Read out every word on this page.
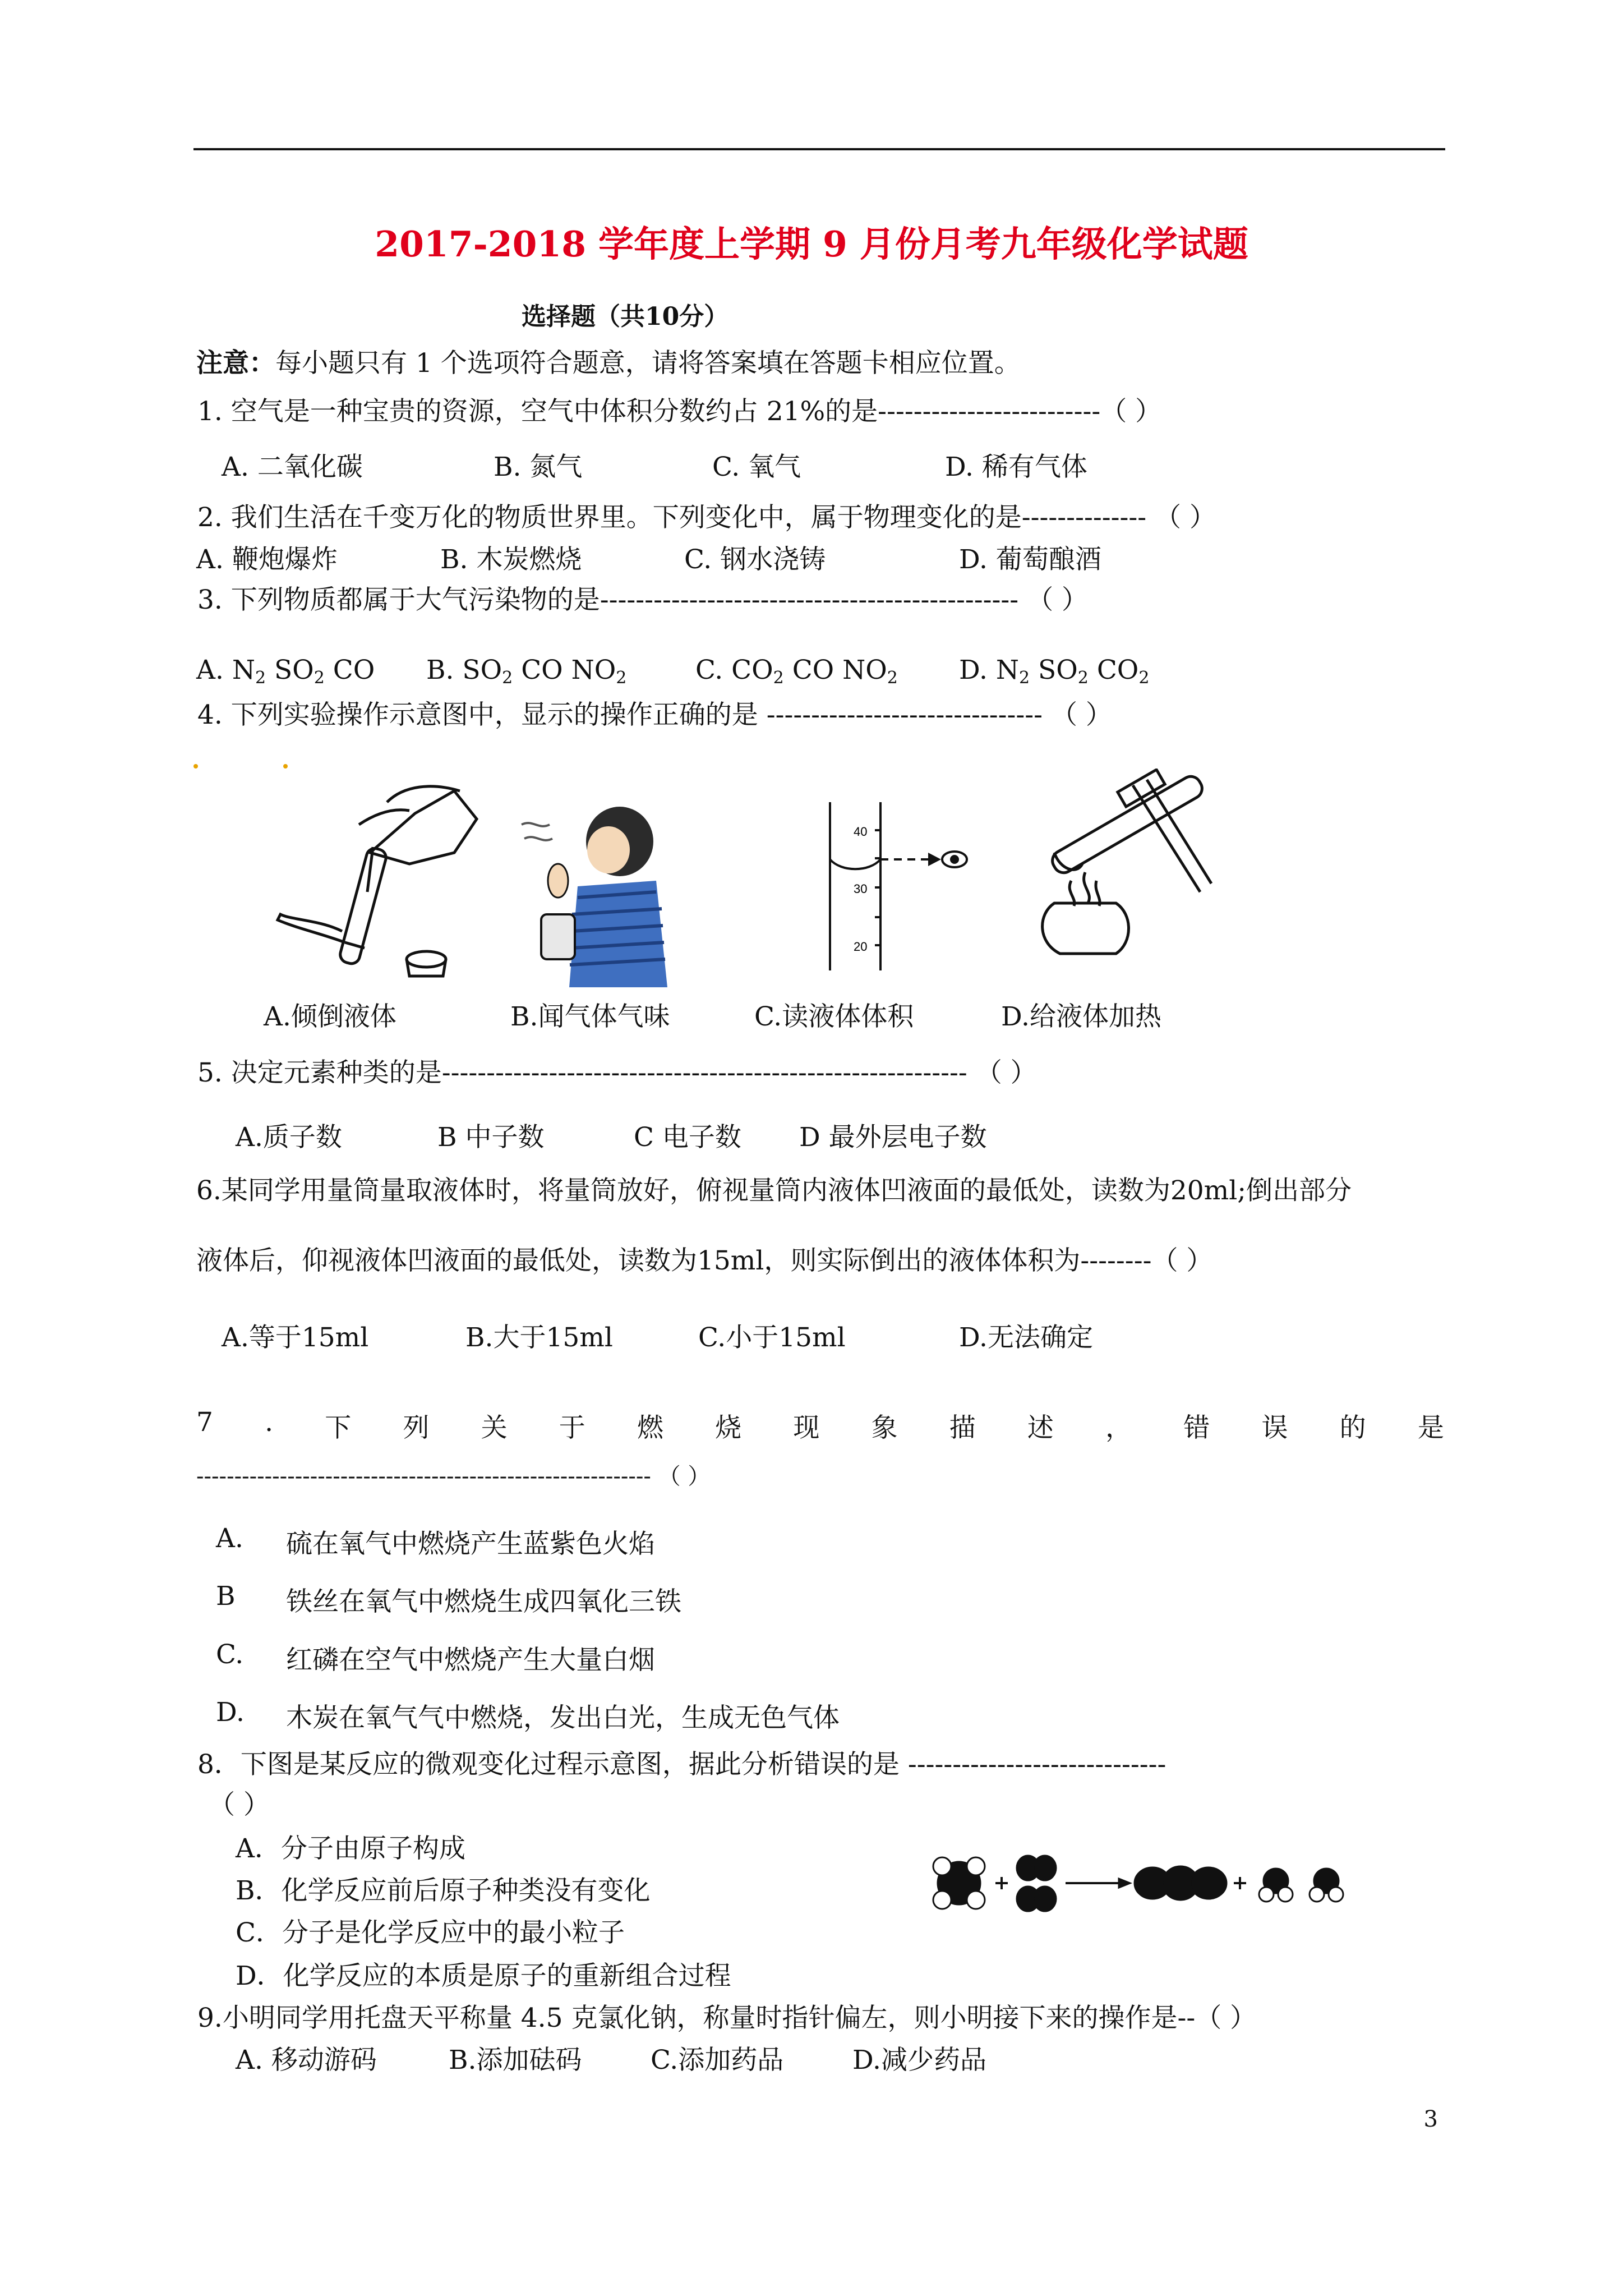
2017-2018 学年度上学期 9 月份月考九年级化学试题
选择题（共10分）
注意：每小题只有 1 个选项符合题意，请将答案填在答题卡相应位置。
1. 空气是一种宝贵的资源，空气中体积分数约占 21%的是-------------------------（ ）
A. 二氧化碳	B. 氮气	C. 氧气	D. 稀有气体
2. 我们生活在千变万化的物质世界里。下列变化中，属于物理变化的是-------------- （ ）
A. 鞭炮爆炸	B. 木炭燃烧	C. 钢水浇铸	D. 葡萄酿酒
3. 下列物质都属于大气污染物的是----------------------------------------------- （ ）
A. $N_2$ $SO_2$ CO B. $SO_2$ CO $NO_2$	C. $CO_2$ CO $NO_2$ D. $N_2$ $SO_2$ $CO_2$
4. 下列实验操作示意图中，显示的操作正确的是 ------------------------------- （ ）
A.倾倒液体	B.闻气体气味
40
30
20
C.读液体体积	D.给液体加热
5. 决定元素种类的是----------------------------------------------------------- （ ）
A.质子数	B 中子数	C 电子数 D 最外层电子数
6.某同学用量筒量取液体时，将量筒放好，俯视量筒内液体凹液面的最低处，读数为20ml;倒出部分
液体后，仰视液体凹液面的最低处，读数为15ml，则实际倒出的液体体积为--------（ ）
A.等于15ml	B.大于15ml	C.小于15ml	D.无法确定
7 . 下 列 关 于 燃 烧 现 象 描 述 ， 错 误 的 是
------------------------------------------------------------ （ ）
A. 硫在氧气中燃烧产生蓝紫色火焰
B 铁丝在氧气中燃烧生成四氧化三铁
C. 红磷在空气中燃烧产生大量白烟
D. 木炭在氧气气中燃烧，发出白光，生成无色气体
8．下图是某反应的微观变化过程示意图，据此分析错误的是 -----------------------------
（ ）
A．分子由原子构成
B．化学反应前后原子种类没有变化
C．分子是化学反应中的最小粒子
D．化学反应的本质是原子的重新组合过程
9.小明同学用托盘天平称量 4.5 克氯化钠，称量时指针偏左，则小明接下来的操作是--（ ）
A. 移动游码	B.添加砝码	C.添加药品	D.减少药品
3
